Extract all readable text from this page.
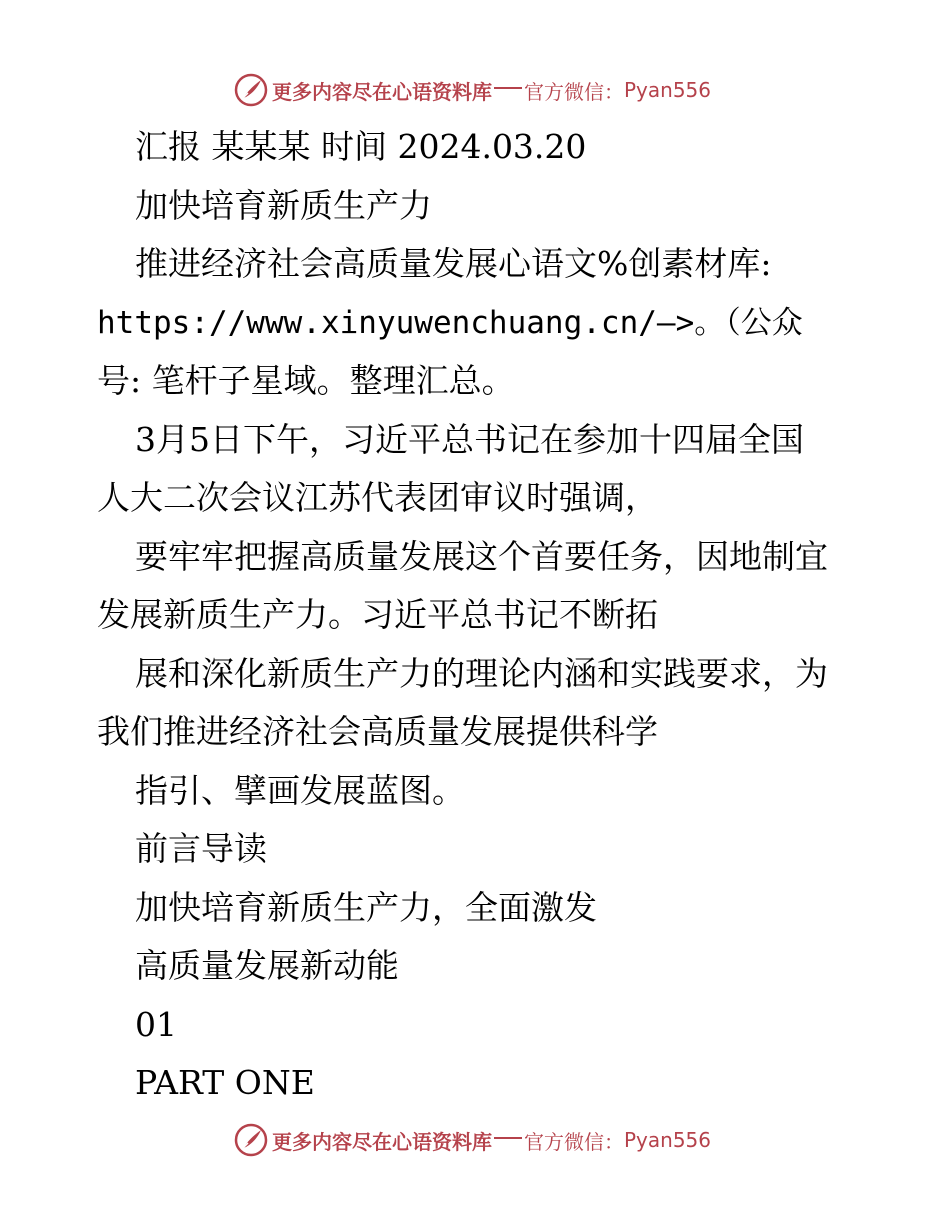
更多内容尽在心语资料库 官方微信： Pyan556
汇报 某某某 时间 2024.03.20
加快培育新质生产力
推进经济社会高质量发展心语文%创素材库:
https://www.xinyuwenchuang.cn/—>。（公众
号: 笔杆子星域。整理汇总。
3月5日下午，习近平总书记在参加十四届全国
人大二次会议江苏代表团审议时强调，
要牢牢把握高质量发展这个首要任务，因地制宜
发展新质生产力。习近平总书记不断拓
展和深化新质生产力的理论内涵和实践要求，为
我们推进经济社会高质量发展提供科学
指引、擘画发展蓝图。
前言导读
加快培育新质生产力，全面激发
高质量发展新动能
01
PART ONE
更多内容尽在心语资料库 官方微信： Pyan556
